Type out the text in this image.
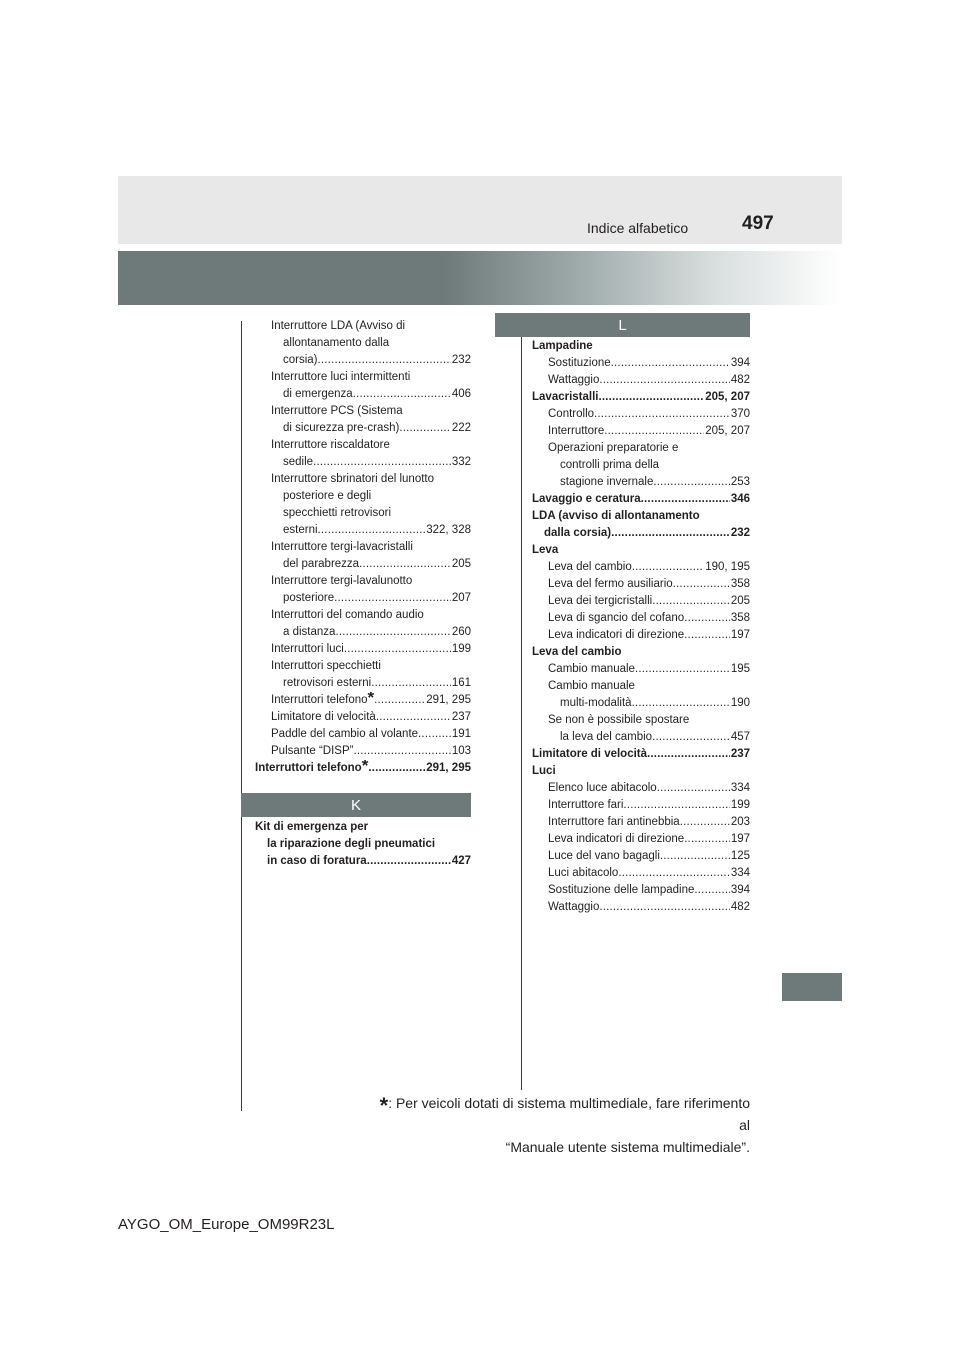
497
Indice alfabetico
Interruttore LDA (Avviso di
allontanamento dalla
corsia) . . .	232
Interruttore luci intermittenti
di emergenza . . .	406
Interruttore PCS (Sistema
di sicurezza pre-crash) . . .	222
Interruttore riscaldatore
sedile . . .	332
Interruttore sbrinatori del lunotto
posteriore e degli
specchietti retrovisori
esterni . . .	322, 328
Interruttore tergi-lavacristalli
del parabrezza . . .	205
Interruttore tergi-lavalunotto
posteriore . . .	207
Interruttori del comando audio
a distanza . . .	260
Interruttori luci . . .	199
Interruttori specchietti
retrovisori esterni . . .	161
Interruttori telefono * . . .	291, 295
Limitatore di velocità . . .	237
Paddle del cambio al volante . . .	191
Pulsante “DISP” . . .	103
Interruttori telefono * . . .	291, 295
K
Kit di emergenza per
la riparazione degli pneumatici
in caso di foratura . . .	427
L
Lampadine
Sostituzione . . .	394
Wattaggio . . .	482
Lavacristalli . . .	205, 207
Controllo . . .	370
Interruttore . . .	205, 207
Operazioni preparatorie e
controlli prima della
stagione invernale . . .	253
Lavaggio e ceratura . . .	346
LDA (avviso di allontanamento
dalla corsia) . . .	232
Leva
Leva del cambio . . .	190, 195
Leva del fermo ausiliario . . .	358
Leva dei tergicristalli . . .	205
Leva di sgancio del cofano . . .	358
Leva indicatori di direzione . . .	197
Leva del cambio
Cambio manuale . . .	195
Cambio manuale
multi-modalità . . .	190
Se non è possibile spostare
la leva del cambio . . .	457
Limitatore di velocità . . .	237
Luci
Elenco luce abitacolo . . .	334
Interruttore fari . . .	199
Interruttore fari antinebbia . . .	203
Leva indicatori di direzione . . .	197
Luce del vano bagagli . . .	125
Luci abitacolo . . .	334
Sostituzione delle lampadine . . .	394
Wattaggio . . .	482
*: Per veicoli dotati di sistema multimediale, fare riferimento al
“Manuale utente sistema multimediale”.
AYGO_OM_Europe_OM99R23L
